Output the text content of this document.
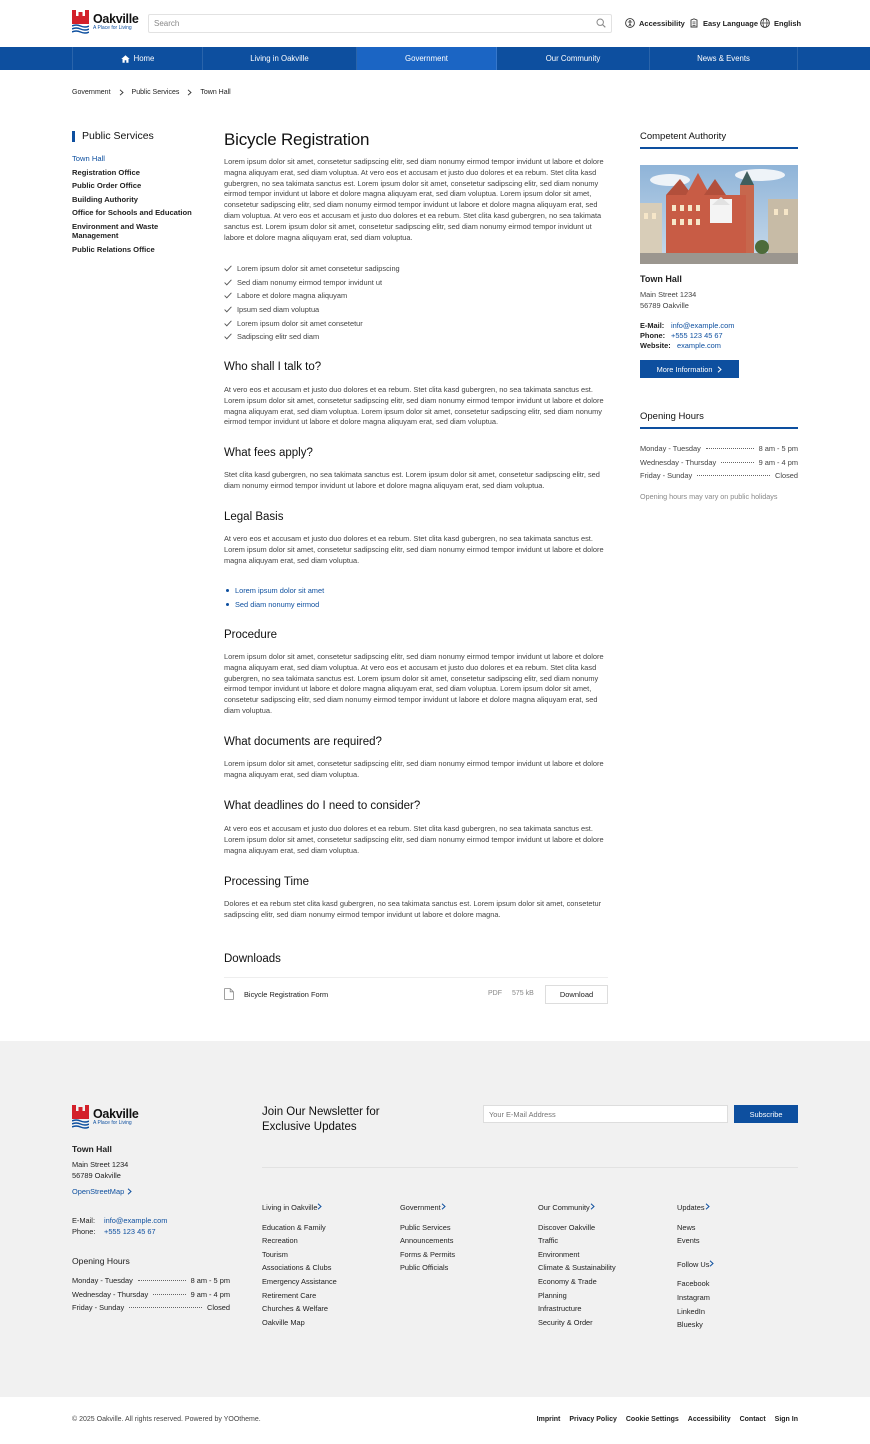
Oakville
A Place for Living
Search
Accessibility Easy Language English
Home	Living in Oakville	Government	Our Community	News & Events
Government	Public Services	Town Hall
Public Services
Town Hall
Registration Office
Public Order Office
Building Authority
Office for Schools and Education
Environment and Waste Management
Public Relations Office
Bicycle Registration

Lorem ipsum dolor sit amet, consetetur sadipscing elitr, sed diam nonumy eirmod tempor invidunt ut labore et dolore magna aliquyam erat, sed diam voluptua. At vero eos et accusam et justo duo dolores et ea rebum. Stet clita kasd gubergren, no sea takimata sanctus est. Lorem ipsum dolor sit amet, consetetur sadipscing elitr, sed diam nonumy eirmod tempor invidunt ut labore et dolore magna aliquyam erat, sed diam voluptua. Lorem ipsum dolor sit amet, consetetur sadipscing elitr, sed diam nonumy eirmod tempor invidunt ut labore et dolore magna aliquyam erat, sed diam voluptua. At vero eos et accusam et justo duo dolores et ea rebum. Stet clita kasd gubergren, no sea takimata sanctus est. Lorem ipsum dolor sit amet, consetetur sadipscing elitr, sed diam nonumy eirmod tempor invidunt ut labore et dolore magna aliquyam erat, sed diam voluptua.

Lorem ipsum dolor sit amet consetetur sadipscing
Sed diam nonumy eirmod tempor invidunt ut
Labore et dolore magna aliquyam
Ipsum sed diam voluptua
Lorem ipsum dolor sit amet consetetur
Sadipscing elitr sed diam
Who shall I talk to?

At vero eos et accusam et justo duo dolores et ea rebum. Stet clita kasd gubergren, no sea takimata sanctus est. Lorem ipsum dolor sit amet, consetetur sadipscing elitr, sed diam nonumy eirmod tempor invidunt ut labore et dolore magna aliquyam erat, sed diam voluptua. Lorem ipsum dolor sit amet, consetetur sadipscing elitr, sed diam nonumy eirmod tempor invidunt ut labore et dolore magna aliquyam erat, sed diam voluptua.

What fees apply?

Stet clita kasd gubergren, no sea takimata sanctus est. Lorem ipsum dolor sit amet, consetetur sadipscing elitr, sed diam nonumy eirmod tempor invidunt ut labore et dolore magna aliquyam erat, sed diam voluptua.

Legal Basis

At vero eos et accusam et justo duo dolores et ea rebum. Stet clita kasd gubergren, no sea takimata sanctus est. Lorem ipsum dolor sit amet, consetetur sadipscing elitr, sed diam nonumy eirmod tempor invidunt ut labore et dolore magna aliquyam erat, sed diam voluptua.

Lorem ipsum dolor sit amet
Sed diam nonumy eirmod
Procedure

Lorem ipsum dolor sit amet, consetetur sadipscing elitr, sed diam nonumy eirmod tempor invidunt ut labore et dolore magna aliquyam erat, sed diam voluptua. At vero eos et accusam et justo duo dolores et ea rebum. Stet clita kasd gubergren, no sea takimata sanctus est. Lorem ipsum dolor sit amet, consetetur sadipscing elitr, sed diam nonumy eirmod tempor invidunt ut labore et dolore magna aliquyam erat, sed diam voluptua. Lorem ipsum dolor sit amet, consetetur sadipscing elitr, sed diam nonumy eirmod tempor invidunt ut labore et dolore magna aliquyam erat, sed diam voluptua.

What documents are required?

Lorem ipsum dolor sit amet, consetetur sadipscing elitr, sed diam nonumy eirmod tempor invidunt ut labore et dolore magna aliquyam erat, sed diam voluptua.

What deadlines do I need to consider?

At vero eos et accusam et justo duo dolores et ea rebum. Stet clita kasd gubergren, no sea takimata sanctus est. Lorem ipsum dolor sit amet, consetetur sadipscing elitr, sed diam nonumy eirmod tempor invidunt ut labore et dolore magna aliquyam erat, sed diam voluptua.

Processing Time

Dolores et ea rebum stet clita kasd gubergren, no sea takimata sanctus est. Lorem ipsum dolor sit amet, consetetur sadipscing elitr, sed diam nonumy eirmod tempor invidunt ut labore et dolore magna.

Downloads
Bicycle Registration Form	PDF 575 kB	Download
Competent Authority
Town Hall
Main Street 1234
56789 Oakville
E-Mail: info@example.com
Phone: +555 123 45 67
Website: example.com
More Information
Opening Hours
Monday - Tuesday	8 am - 5 pm
Wednesday - Thursday	9 am - 4 pm
Friday - Sunday	Closed
Opening hours may vary on public holidays
Oakville
A Place for Living
Town Hall
Main Street 1234
56789 Oakville
OpenStreetMap
E-Mail: info@example.com
Phone: +555 123 45 67
Opening Hours
Monday - Tuesday	8 am - 5 pm
Wednesday - Thursday	9 am - 4 pm
Friday - Sunday	Closed
Join Our Newsletter for
Exclusive Updates
Your E-Mail Address
Subscribe
Living in Oakville
Education & Family
Recreation
Tourism
Associations & Clubs
Emergency Assistance
Retirement Care
Churches & Welfare
Oakville Map
Government
Public Services
Announcements
Forms & Permits
Public Officials
Our Community
Discover Oakville
Traffic
Environment
Climate & Sustainability
Economy & Trade
Planning
Infrastructure
Security & Order
Updates
News
Events
Follow Us
Facebook
Instagram
LinkedIn
Bluesky
© 2025 Oakville. All rights reserved. Powered by YOOtheme.	Imprint Privacy Policy Cookie Settings Accessibility Contact Sign In
